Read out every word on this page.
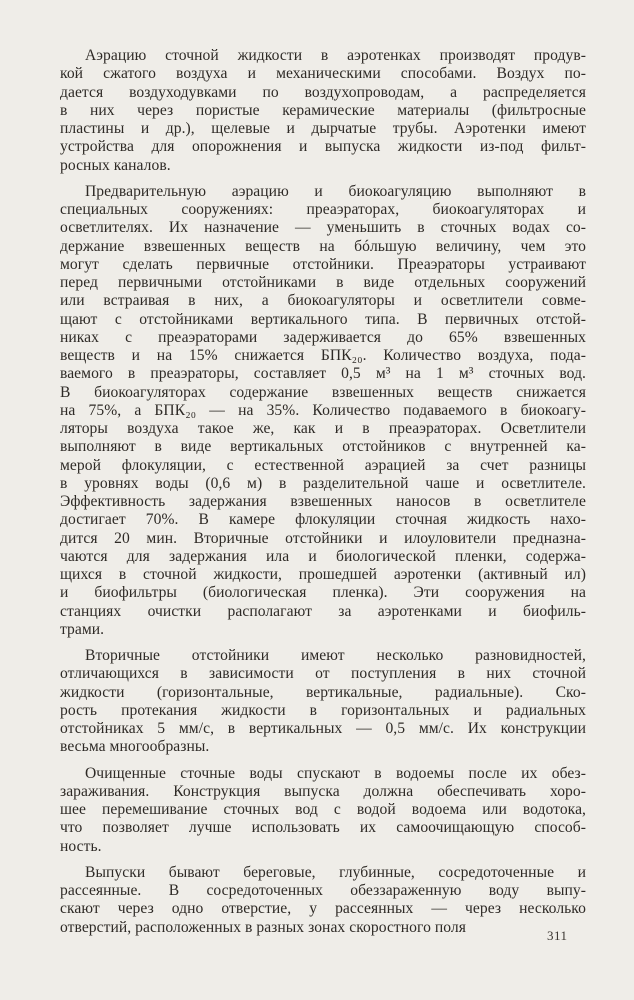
Аэрацию сточной жидкости в аэротенках производят продув-
кой сжатого воздуха и механическими способами. Воздух по-
дается воздуходувками по воздухопроводам, а распределяется
в них через пористые керамические материалы (фильтросные
пластины и др.), щелевые и дырчатые трубы. Аэротенки имеют
устройства для опорожнения и выпуска жидкости из-под фильт-
росных каналов.
Предварительную аэрацию и биокоагуляцию выполняют в
специальных сооружениях: преаэраторах, биокоагуляторах и
осветлителях. Их назначение — уменьшить в сточных водах со-
держание взвешенных веществ на бóльшую величину, чем это
могут сделать первичные отстойники. Преаэраторы устраивают
перед первичными отстойниками в виде отдельных сооружений
или встраивая в них, а биокоагуляторы и осветлители совме-
щают с отстойниками вертикального типа. В первичных отстой-
никах с преаэраторами задерживается до 65% взвешенных
веществ и на 15% снижается БПК₂₀. Количество воздуха, пода-
ваемого в преаэраторы, составляет 0,5 м³ на 1 м³ сточных вод.
В биокоагуляторах содержание взвешенных веществ снижается
на 75%, а БПК₂₀ — на 35%. Количество подаваемого в биокоагу-
ляторы воздуха такое же, как и в преаэраторах. Осветлители
выполняют в виде вертикальных отстойников с внутренней ка-
мерой флокуляции, с естественной аэрацией за счет разницы
в уровнях воды (0,6 м) в разделительной чаше и осветлителе.
Эффективность задержания взвешенных наносов в осветлителе
достигает 70%. В камере флокуляции сточная жидкость нахо-
дится 20 мин. Вторичные отстойники и илоуловители предназна-
чаются для задержания ила и биологической пленки, содержа-
щихся в сточной жидкости, прошедшей аэротенки (активный ил)
и биофильтры (биологическая пленка). Эти сооружения на
станциях очистки располагают за аэротенками и биофиль-
трами.
Вторичные отстойники имеют несколько разновидностей,
отличающихся в зависимости от поступления в них сточной
жидкости (горизонтальные, вертикальные, радиальные). Ско-
рость протекания жидкости в горизонтальных и радиальных
отстойниках 5 мм/с, в вертикальных — 0,5 мм/с. Их конструкции
весьма многообразны.
Очищенные сточные воды спускают в водоемы после их обез-
зараживания. Конструкция выпуска должна обеспечивать хоро-
шее перемешивание сточных вод с водой водоема или водотока,
что позволяет лучше использовать их самоочищающую способ-
ность.
Выпуски бывают береговые, глубинные, сосредоточенные и
рассеянные. В сосредоточенных обеззараженную воду выпу-
скают через одно отверстие, у рассеянных — через несколько
отверстий, расположенных в разных зонах скоростного поля	311
